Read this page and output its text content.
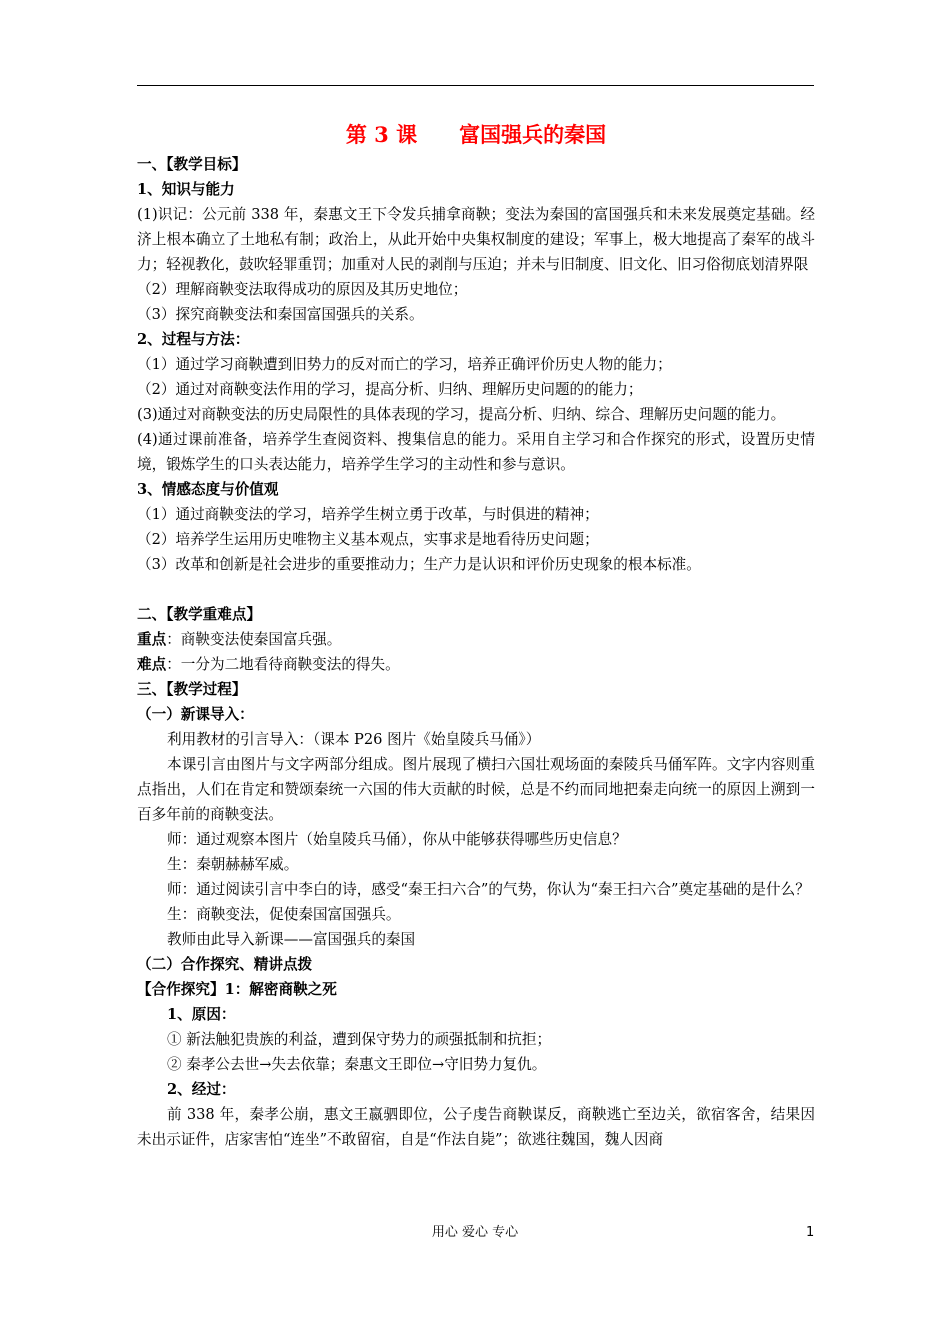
第 3 课　　富国强兵的秦国

一、【教学目标】

1、知识与能力

(1)识记：公元前 338 年，秦惠文王下令发兵捕拿商鞅；变法为秦国的富国强兵和未来发展奠定基础。经济上根本确立了土地私有制；政治上，从此开始中央集权制度的建设；军事上，极大地提高了秦军的战斗力；轻视教化，鼓吹轻罪重罚；加重对人民的剥削与压迫；并未与旧制度、旧文化、旧习俗彻底划清界限

（2）理解商鞅变法取得成功的原因及其历史地位；

（3）探究商鞅变法和秦国富国强兵的关系。

2、过程与方法：

（1）通过学习商鞅遭到旧势力的反对而亡的学习，培养正确评价历史人物的能力；

（2）通过对商鞅变法作用的学习，提高分析、归纳、理解历史问题的的能力；

(3)通过对商鞅变法的历史局限性的具体表现的学习，提高分析、归纳、综合、理解历史问题的能力。

(4)通过课前准备，培养学生查阅资料、搜集信息的能力。采用自主学习和合作探究的形式，设置历史情境，锻炼学生的口头表达能力，培养学生学习的主动性和参与意识。

3、情感态度与价值观

（1）通过商鞅变法的学习，培养学生树立勇于改革，与时俱进的精神；

（2）培养学生运用历史唯物主义基本观点，实事求是地看待历史问题；

（3）改革和创新是社会进步的重要推动力；生产力是认识和评价历史现象的根本标准。

二、【教学重难点】

重点：商鞅变法使秦国富兵强。

难点：一分为二地看待商鞅变法的得失。

三、【教学过程】

（一）新课导入：

利用教材的引言导入：（课本 P26 图片《始皇陵兵马俑》）

本课引言由图片与文字两部分组成。图片展现了横扫六国壮观场面的秦陵兵马俑军阵。文字内容则重点指出，人们在肯定和赞颂秦统一六国的伟大贡献的时候，总是不约而同地把秦走向统一的原因上溯到一百多年前的商鞅变法。

师：通过观察本图片（始皇陵兵马俑），你从中能够获得哪些历史信息？

生：秦朝赫赫军威。

师：通过阅读引言中李白的诗，感受“秦王扫六合”的气势，你认为“秦王扫六合”奠定基础的是什么？

生：商鞅变法，促使秦国富国强兵。

教师由此导入新课——富国强兵的秦国

（二）合作探究、精讲点拨

【合作探究】1：解密商鞅之死

1、原因：

① 新法触犯贵族的利益，遭到保守势力的顽强抵制和抗拒；

② 秦孝公去世→失去依靠；秦惠文王即位→守旧势力复仇。

2、经过：

前 338 年，秦孝公崩，惠文王嬴驷即位，公子虔告商鞅谋反，商鞅逃亡至边关，欲宿客舍，结果因未出示证件，店家害怕“连坐”不敢留宿，自是“作法自毙”；欲逃往魏国，魏人因商

用心 爱心 专心	1
